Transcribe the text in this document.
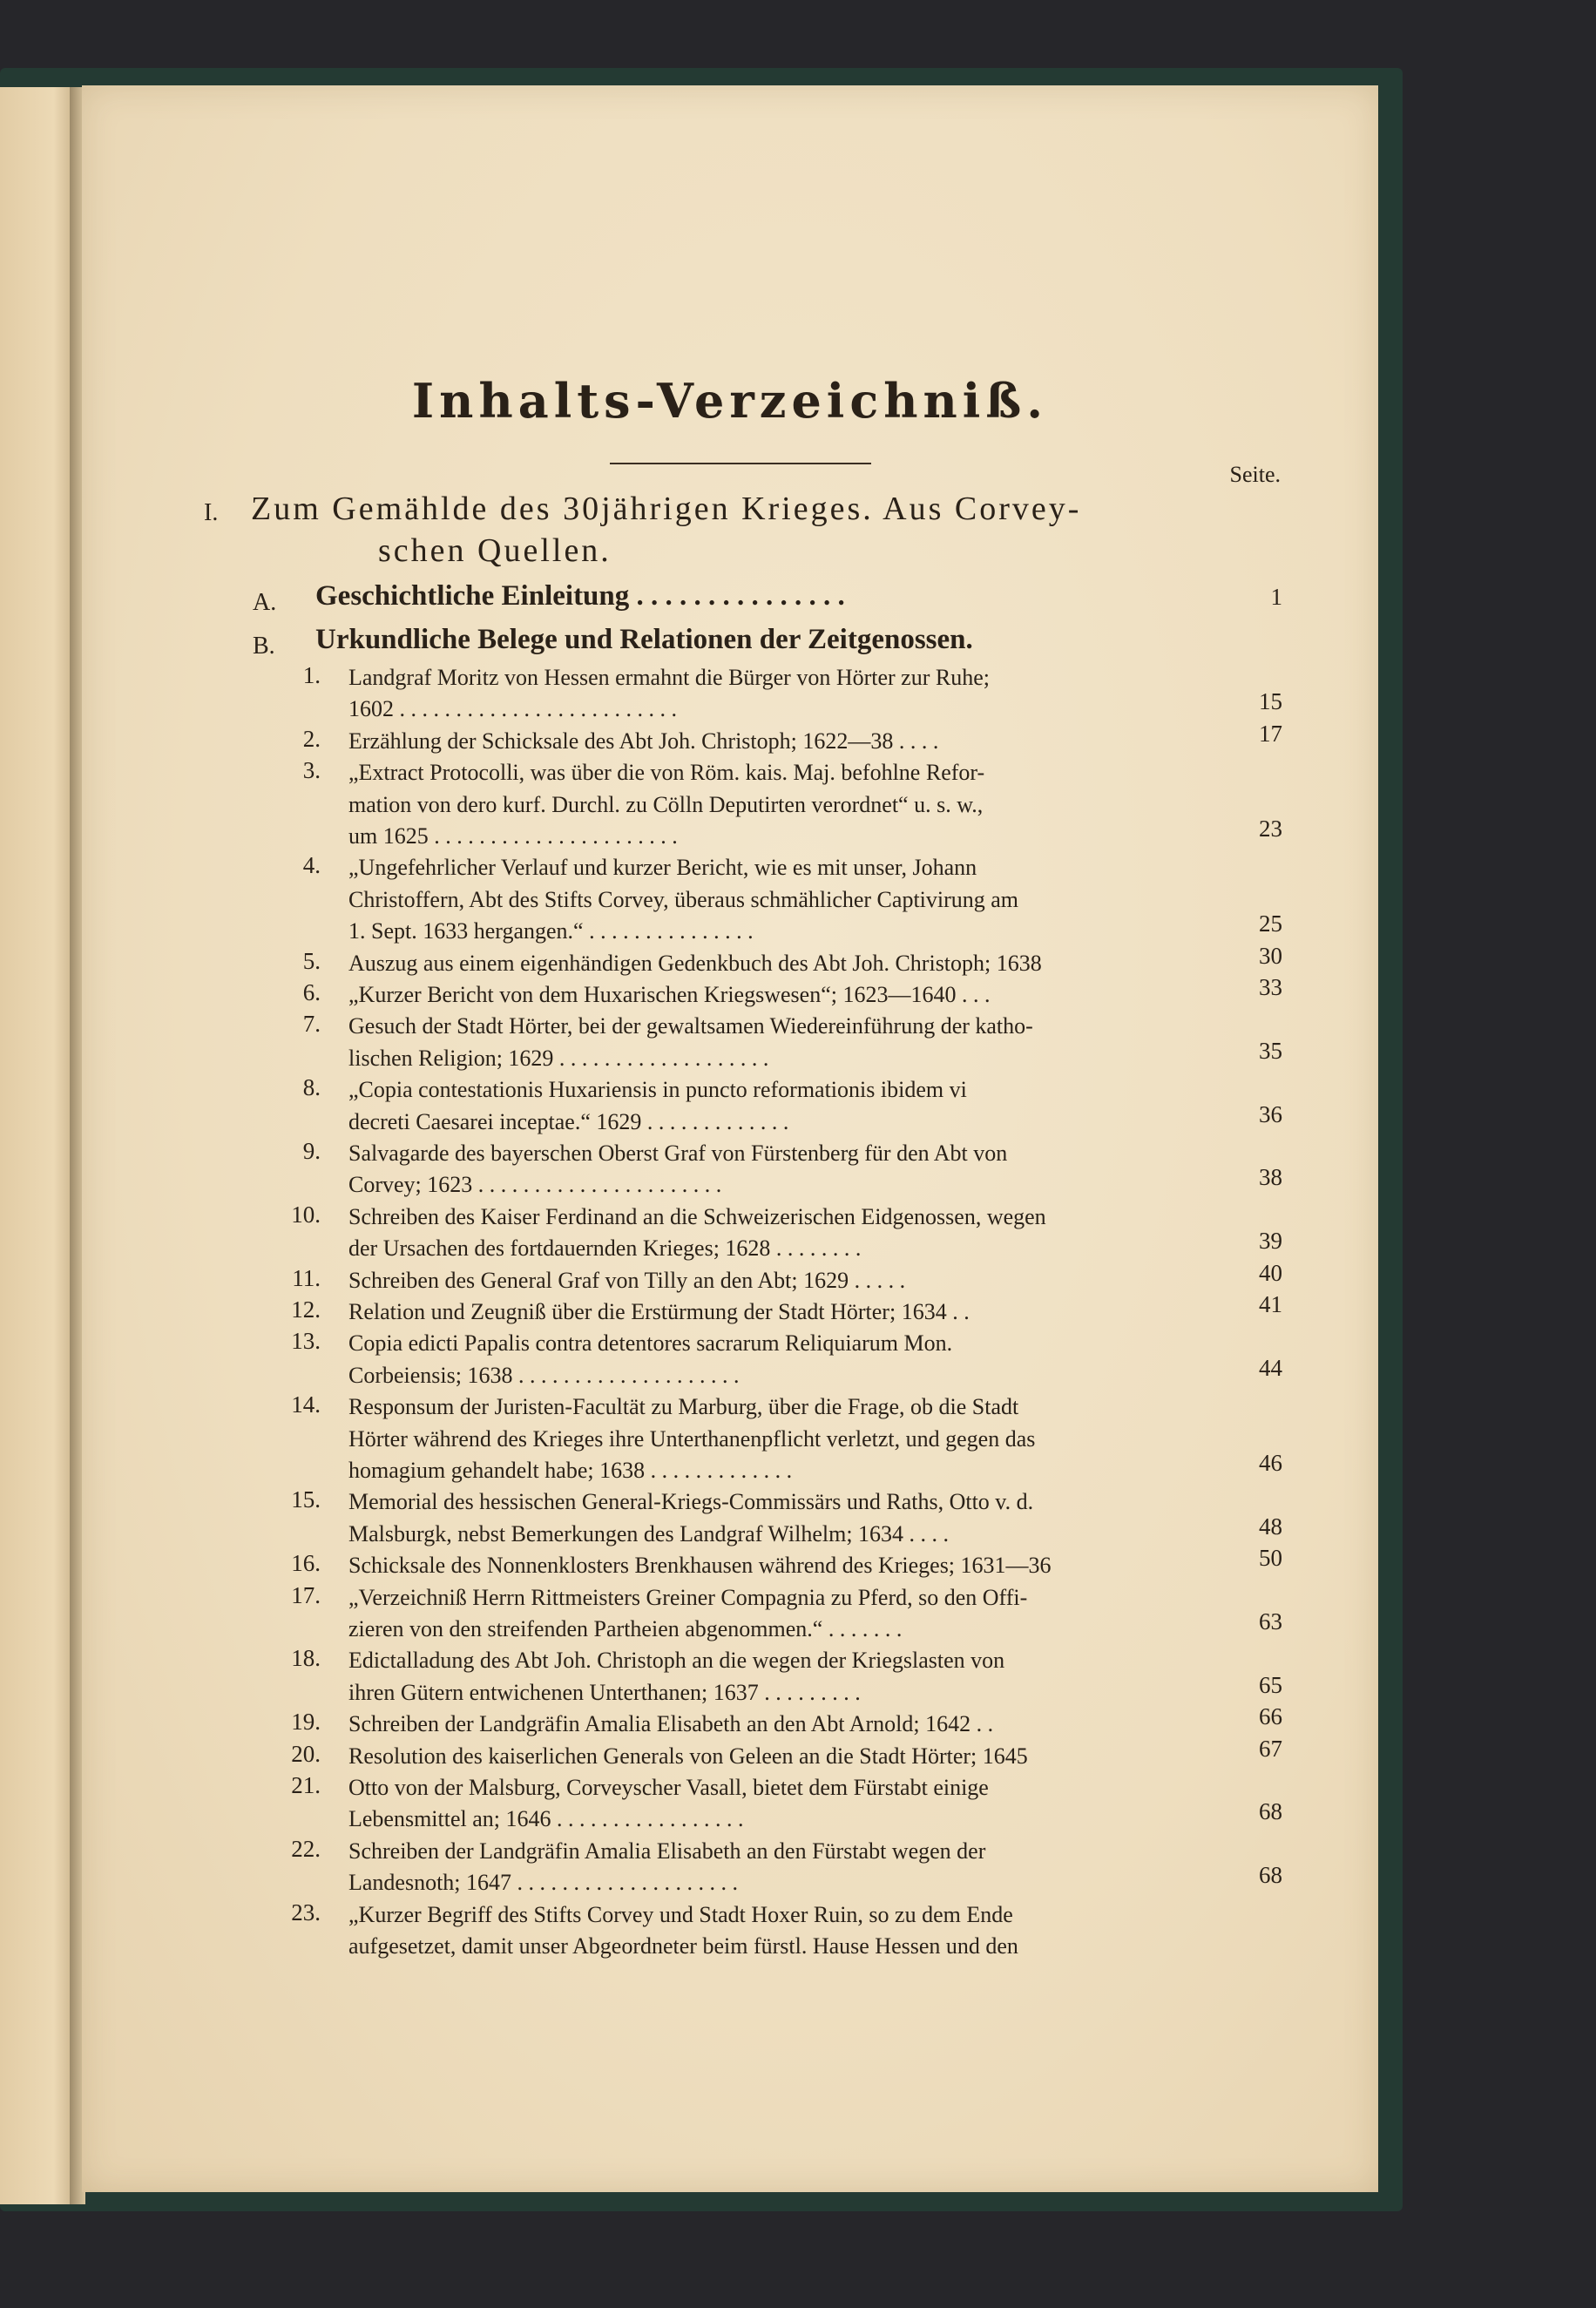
Inhalts-Verzeichniß.
Seite.
I. Zum Gemählde des 30jährigen Krieges. Aus Corvey-
schen Quellen.
A. Geschichtliche Einleitung . . . . . . . . . . . . . . .	1
B. Urkundliche Belege und Relationen der Zeitgenossen.
1. Landgraf Moritz von Hessen ermahnt die Bürger von Hörter zur Ruhe;
1602 . . . . . . . . . . . . . . . . . . . . . . . . .	15
2. Erzählung der Schicksale des Abt Joh. Christoph; 1622—38 . . . .	17
3. „Extract Protocolli, was über die von Röm. kais. Maj. befohlne Refor-
mation von dero kurf. Durchl. zu Cölln Deputirten verordnet“ u. s. w.,
um 1625 . . . . . . . . . . . . . . . . . . . . . .	23
4. „Ungefehrlicher Verlauf und kurzer Bericht, wie es mit unser, Johann
Christoffern, Abt des Stifts Corvey, überaus schmählicher Captivirung am
1. Sept. 1633 hergangen.“ . . . . . . . . . . . . . . .	25
5. Auszug aus einem eigenhändigen Gedenkbuch des Abt Joh. Christoph; 1638	30
6. „Kurzer Bericht von dem Huxarischen Kriegswesen“; 1623—1640 . . .	33
7. Gesuch der Stadt Hörter, bei der gewaltsamen Wiedereinführung der katho-
lischen Religion; 1629 . . . . . . . . . . . . . . . . . . .	35
8. „Copia contestationis Huxariensis in puncto reformationis ibidem vi
decreti Caesarei inceptae.“ 1629 . . . . . . . . . . . . .	36
9. Salvagarde des bayerschen Oberst Graf von Fürstenberg für den Abt von
Corvey; 1623 . . . . . . . . . . . . . . . . . . . . . .	38
10. Schreiben des Kaiser Ferdinand an die Schweizerischen Eidgenossen, wegen
der Ursachen des fortdauernden Krieges; 1628 . . . . . . . .	39
11. Schreiben des General Graf von Tilly an den Abt; 1629 . . . . .	40
12. Relation und Zeugniß über die Erstürmung der Stadt Hörter; 1634 . .	41
13. Copia edicti Papalis contra detentores sacrarum Reliquiarum Mon.
Corbeiensis; 1638 . . . . . . . . . . . . . . . . . . . .	44
14. Responsum der Juristen-Facultät zu Marburg, über die Frage, ob die Stadt
Hörter während des Krieges ihre Unterthanenpflicht verletzt, und gegen das
homagium gehandelt habe; 1638 . . . . . . . . . . . . .	46
15. Memorial des hessischen General-Kriegs-Commissärs und Raths, Otto v. d.
Malsburgk, nebst Bemerkungen des Landgraf Wilhelm; 1634 . . . .	48
16. Schicksale des Nonnenklosters Brenkhausen während des Krieges; 1631—36	50
17. „Verzeichniß Herrn Rittmeisters Greiner Compagnia zu Pferd, so den Offi-
zieren von den streifenden Partheien abgenommen.“ . . . . . . .	63
18. Edictalladung des Abt Joh. Christoph an die wegen der Kriegslasten von
ihren Gütern entwichenen Unterthanen; 1637 . . . . . . . . .	65
19. Schreiben der Landgräfin Amalia Elisabeth an den Abt Arnold; 1642 . .	66
20. Resolution des kaiserlichen Generals von Geleen an die Stadt Hörter; 1645	67
21. Otto von der Malsburg, Corveyscher Vasall, bietet dem Fürstabt einige
Lebensmittel an; 1646 . . . . . . . . . . . . . . . . .	68
22. Schreiben der Landgräfin Amalia Elisabeth an den Fürstabt wegen der
Landesnoth; 1647 . . . . . . . . . . . . . . . . . . . .	68
23. „Kurzer Begriff des Stifts Corvey und Stadt Hoxer Ruin, so zu dem Ende
aufgesetzet, damit unser Abgeordneter beim fürstl. Hause Hessen und den
